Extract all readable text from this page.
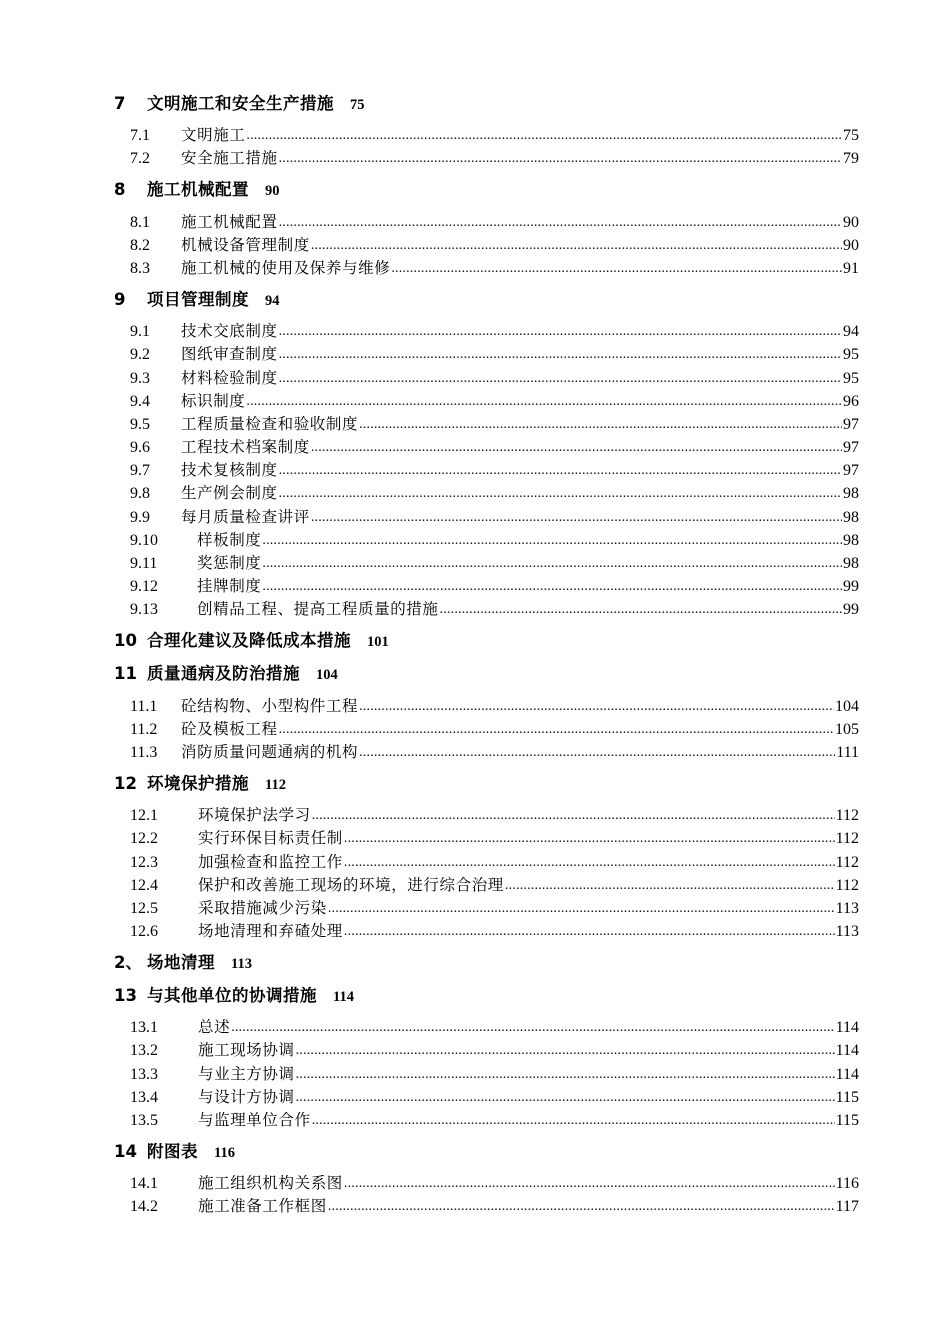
7	文明施工和安全生产措施 75
7.1	文明施工 .....	75
7.2	安全施工措施 .....	79
8	施工机械配置 90
8.1	施工机械配置 .....	90
8.2	机械设备管理制度 .....	90
8.3	施工机械的使用及保养与维修 .....	91
9	项目管理制度 94
9.1	技术交底制度 .....	94
9.2	图纸审查制度 .....	95
9.3	材料检验制度 .....	95
9.4	标识制度 .....	96
9.5	工程质量检查和验收制度 .....	97
9.6	工程技术档案制度 .....	97
9.7	技术复核制度 .....	97
9.8	生产例会制度 .....	98
9.9	每月质量检查讲评 .....	98
9.10	样板制度 .....	98
9.11	奖惩制度 .....	98
9.12	挂牌制度 .....	99
9.13	创精品工程、提高工程质量的措施 .....	99
10 合理化建议及降低成本措施 101
11 质量通病及防治措施 104
11.1	砼结构物、小型构件工程 .....	104
11.2	砼及模板工程 .....	105
11.3	消防质量问题通病的机构 .....	111
12 环境保护措施 112
12.1	环境保护法学习 .....	112
12.2	实行环保目标责任制 .....	112
12.3	加强检查和监控工作 .....	112
12.4	保护和改善施工现场的环境，进行综合治理 .....	112
12.5	采取措施减少污染 .....	113
12.6	场地清理和弃碴处理 .....	113
2、 场地清理 113
13 与其他单位的协调措施 114
13.1	总述 .....	114
13.2	施工现场协调 .....	114
13.3	与业主方协调 .....	114
13.4	与设计方协调 .....	115
13.5	与监理单位合作 .....	115
14 附图表 116
14.1	施工组织机构关系图 .....	116
14.2	施工准备工作框图 .....	117
